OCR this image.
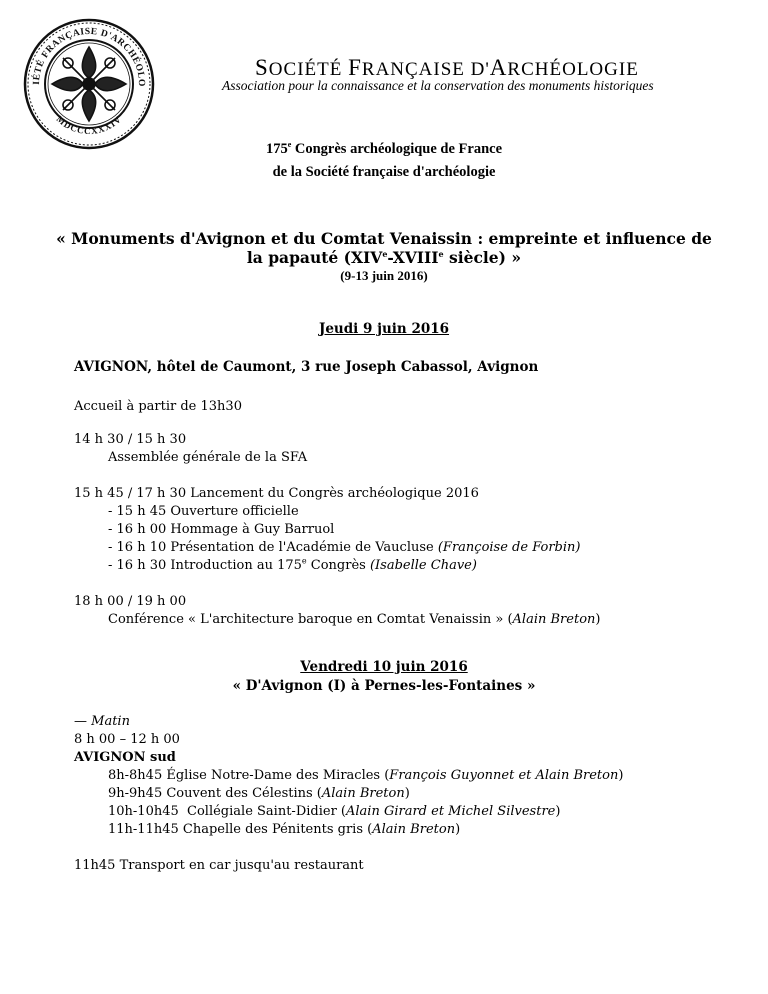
IÉTÉ FRANÇAISE D'ARCHÉOLO
MDCCCXXXIV
SOCIÉTÉ FRANÇAISE D'ARCHÉOLOGIE
Association pour la connaissance et la conservation des monuments historiques
175e Congrès archéologique de France
de la Société française d'archéologie
« Monuments d'Avignon et du Comtat Venaissin : empreinte et influence de
la papauté (XIVe-XVIIIe siècle) »
(9-13 juin 2016)
Jeudi 9 juin 2016
AVIGNON, hôtel de Caumont, 3 rue Joseph Cabassol, Avignon
Accueil à partir de 13h30
14 h 30 / 15 h 30
Assemblée générale de la SFA
15 h 45 / 17 h 30 Lancement du Congrès archéologique 2016
- 15 h 45 Ouverture officielle
- 16 h 00 Hommage à Guy Barruol
- 16 h 10 Présentation de l'Académie de Vaucluse (Françoise de Forbin)
- 16 h 30 Introduction au 175e Congrès (Isabelle Chave)
18 h 00 / 19 h 00
Conférence « L'architecture baroque en Comtat Venaissin » (Alain Breton)
Vendredi 10 juin 2016
« D'Avignon (I) à Pernes-les-Fontaines »
— Matin
8 h 00 – 12 h 00
AVIGNON sud
8h-8h45 Église Notre-Dame des Miracles (François Guyonnet et Alain Breton)
9h-9h45 Couvent des Célestins (Alain Breton)
10h-10h45  Collégiale Saint-Didier (Alain Girard et Michel Silvestre)
11h-11h45 Chapelle des Pénitents gris (Alain Breton)
11h45 Transport en car jusqu'au restaurant
